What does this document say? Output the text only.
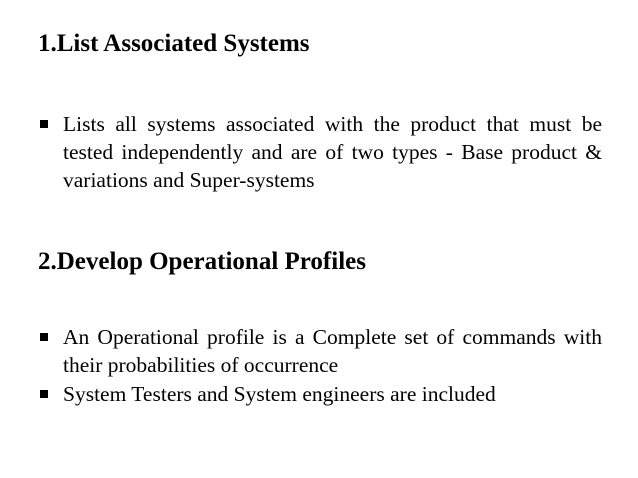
1.List Associated Systems
Lists all systems associated with the product that must be tested independently and are of two types - Base product & variations and Super-systems
2.Develop Operational Profiles
An Operational profile is a Complete set of commands with their probabilities of occurrence
System Testers and System engineers are included
